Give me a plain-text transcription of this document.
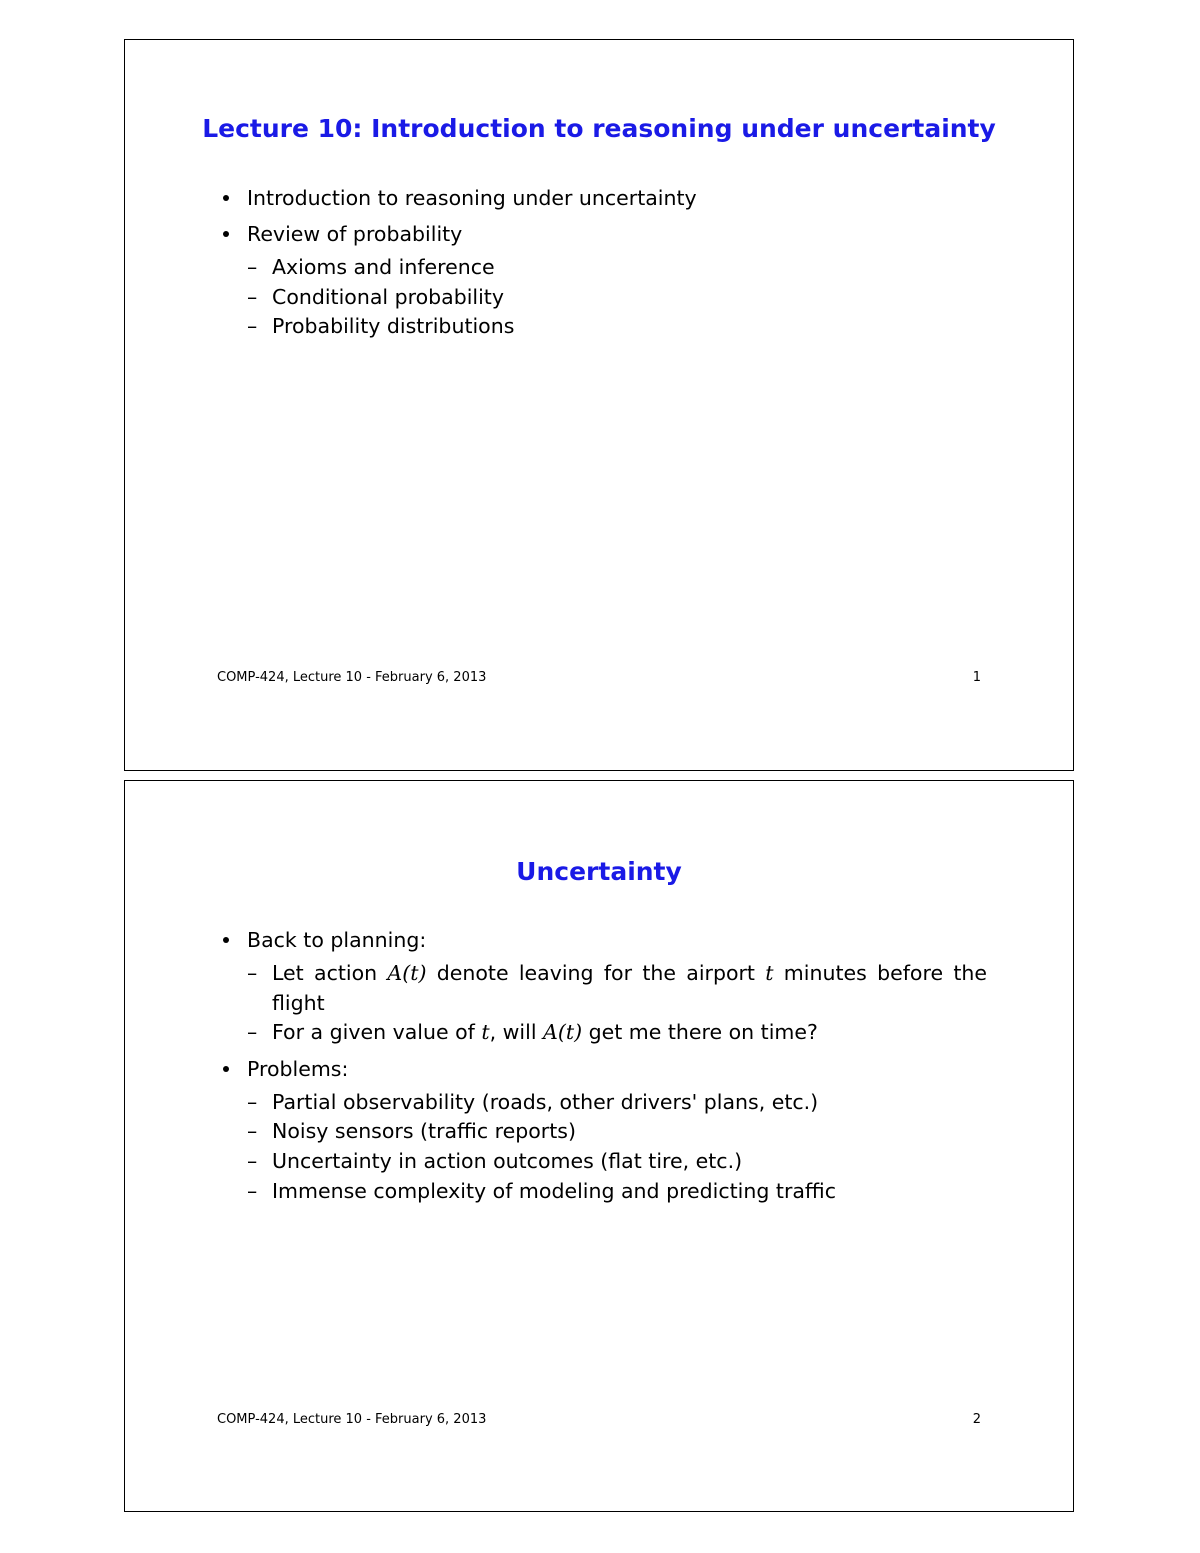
Lecture 10: Introduction to reasoning under uncertainty
Introduction to reasoning under uncertainty
Review of probability
– Axioms and inference
– Conditional probability
– Probability distributions
COMP-424, Lecture 10 - February 6, 2013	1
Uncertainty
Back to planning:
– Let action A(t) denote leaving for the airport t minutes before the flight
– For a given value of t, will A(t) get me there on time?
Problems:
– Partial observability (roads, other drivers' plans, etc.)
– Noisy sensors (traffic reports)
– Uncertainty in action outcomes (flat tire, etc.)
– Immense complexity of modeling and predicting traffic
COMP-424, Lecture 10 - February 6, 2013	2
